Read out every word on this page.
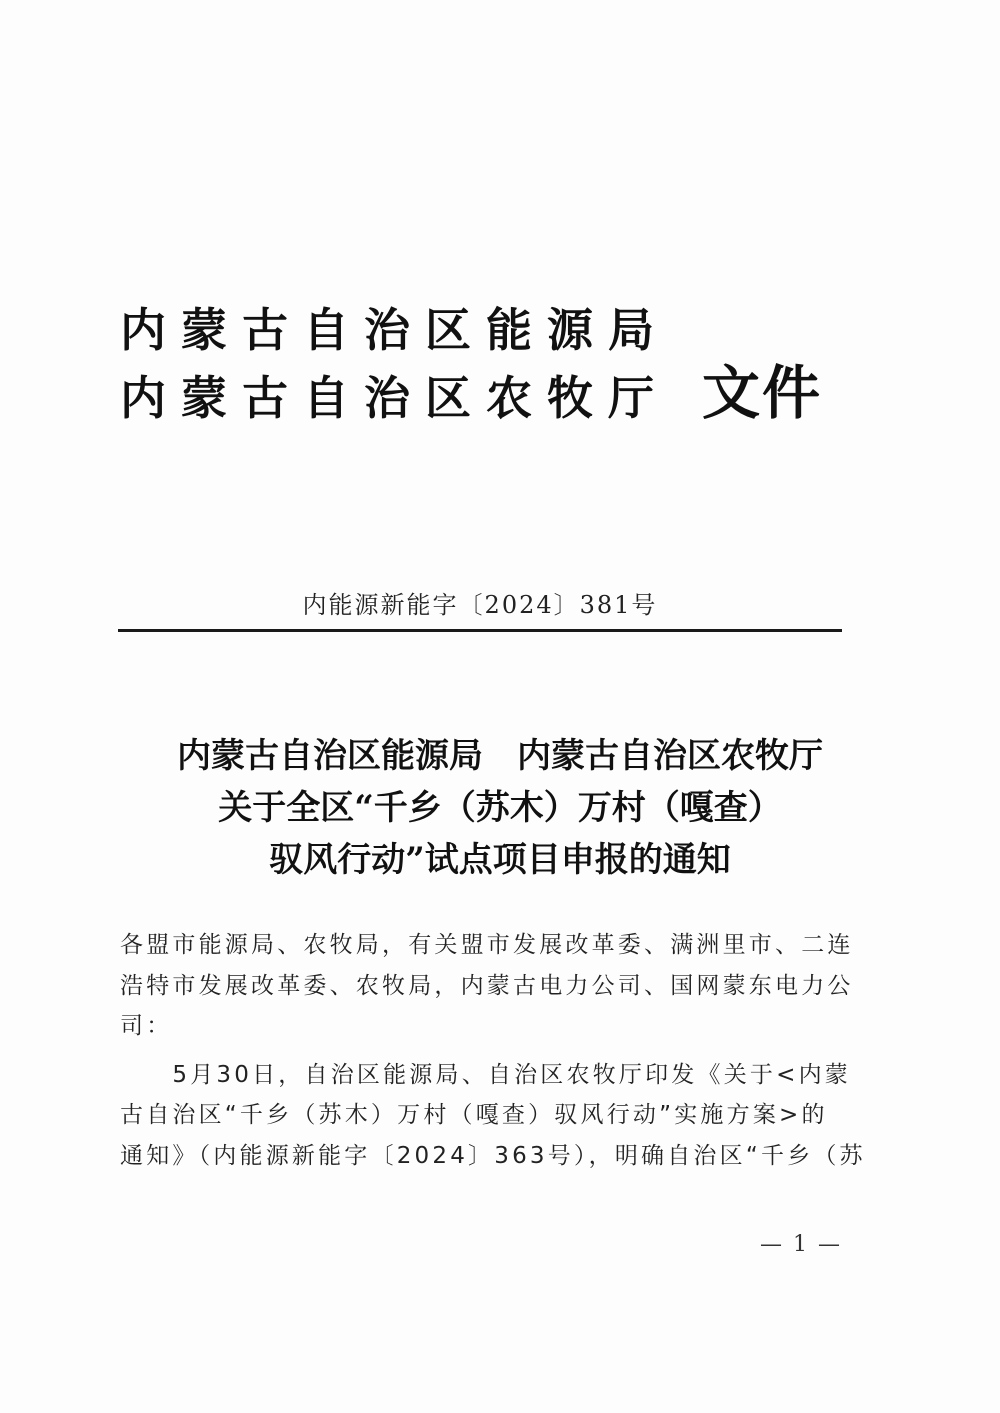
内蒙古自治区能源局
内蒙古自治区农牧厅 文件
内能源新能字〔2024〕381号
内蒙古自治区能源局　内蒙古自治区农牧厅
关于全区“千乡（苏木）万村（嘎查）
驭风行动”试点项目申报的通知
各盟市能源局、农牧局，有关盟市发展改革委、满洲里市、二连
浩特市发展改革委、农牧局，内蒙古电力公司、国网蒙东电力公
司：
　　5月30日，自治区能源局、自治区农牧厅印发《关于<内蒙
古自治区“千乡（苏木）万村（嘎查）驭风行动”实施方案>的
通知》（内能源新能字〔2024〕363号），明确自治区“千乡（苏
— 1 —
